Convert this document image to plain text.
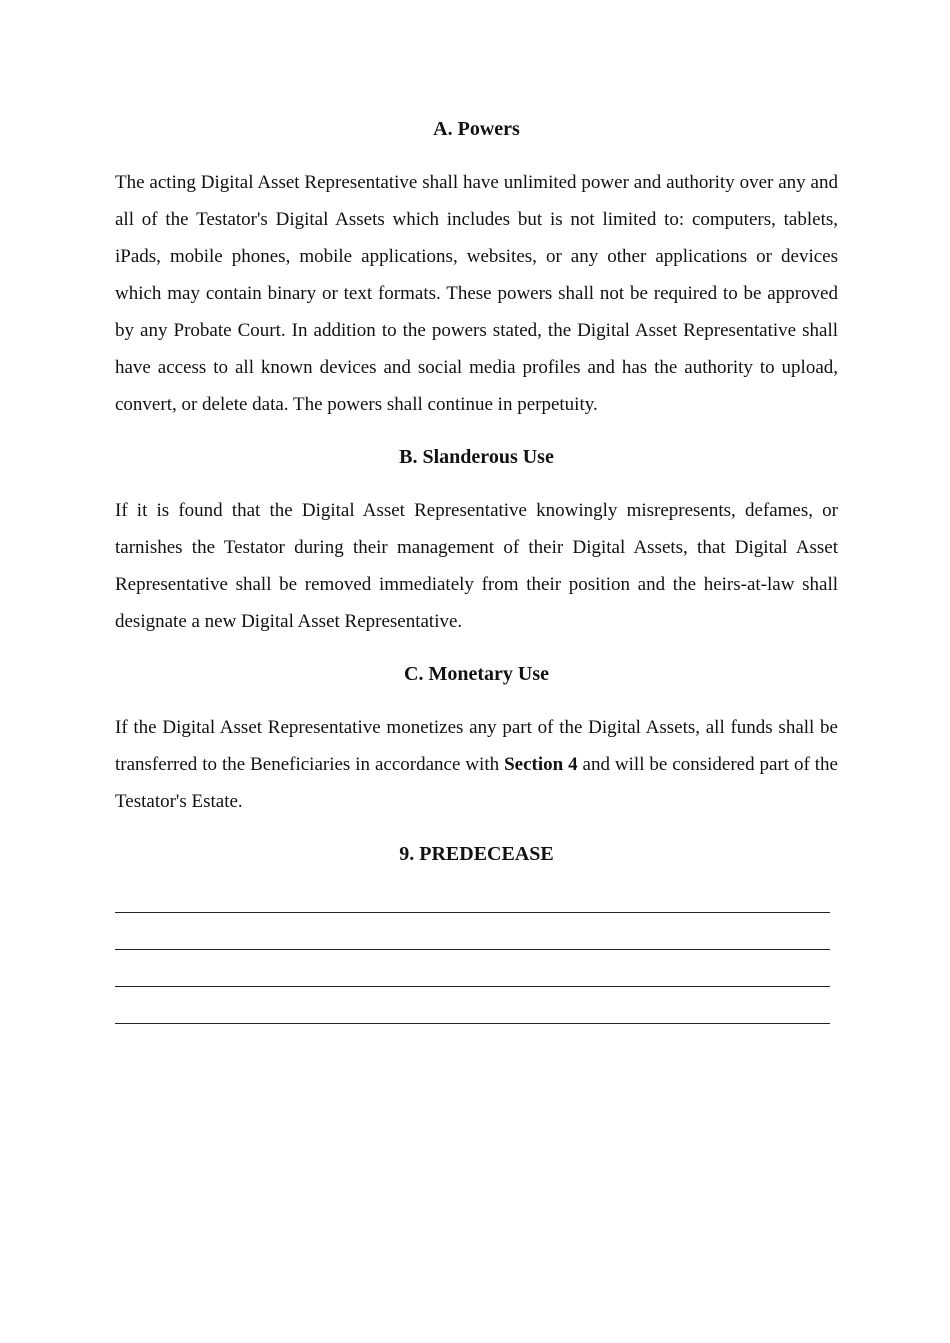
A. Powers

The acting Digital Asset Representative shall have unlimited power and authority over any and all of the Testator's Digital Assets which includes but is not limited to: computers, tablets, iPads, mobile phones, mobile applications, websites, or any other applications or devices which may contain binary or text formats. These powers shall not be required to be approved by any Probate Court. In addition to the powers stated, the Digital Asset Representative shall have access to all known devices and social media profiles and has the authority to upload, convert, or delete data. The powers shall continue in perpetuity.

B. Slanderous Use

If it is found that the Digital Asset Representative knowingly misrepresents, defames, or tarnishes the Testator during their management of their Digital Assets, that Digital Asset Representative shall be removed immediately from their position and the heirs-at-law shall designate a new Digital Asset Representative.

C. Monetary Use

If the Digital Asset Representative monetizes any part of the Digital Assets, all funds shall be transferred to the Beneficiaries in accordance with Section 4 and will be considered part of the Testator's Estate.

9. PREDECEASE
